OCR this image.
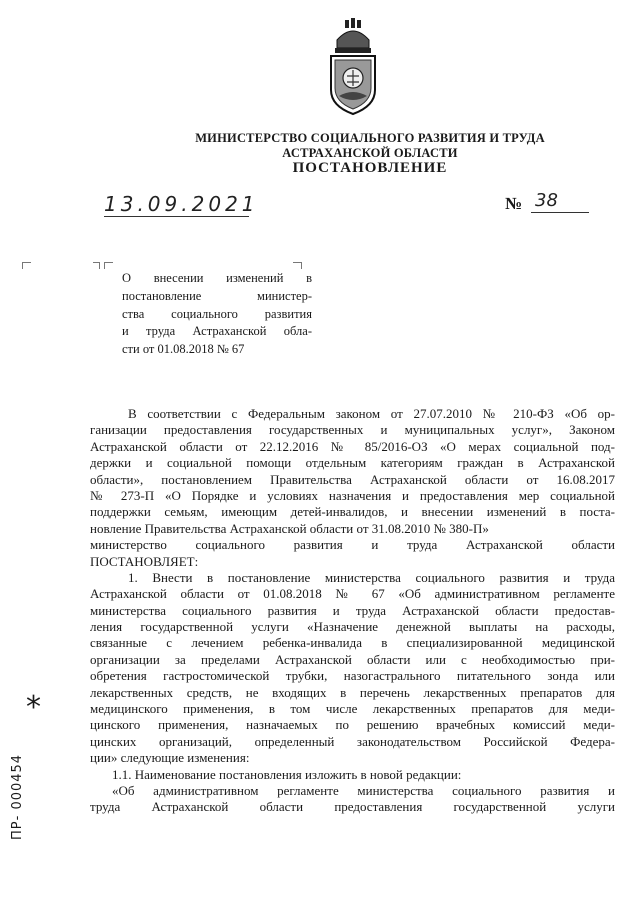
МИНИСТЕРСТВО СОЦИАЛЬНОГО РАЗВИТИЯ И ТРУДА
АСТРАХАНСКОЙ ОБЛАСТИ
ПОСТАНОВЛЕНИЕ
13.09.2021	№ 38
О внесении изменений в
постановление министер-
ства социального развития
и труда Астраханской обла-
сти от 01.08.2018 № 67
В соответствии с Федеральным законом от 27.07.2010 № 210-ФЗ «Об ор-
ганизации предоставления государственных и муниципальных услуг», Законом
Астраханской области от 22.12.2016 № 85/2016-ОЗ «О мерах социальной под-
держки и социальной помощи отдельным категориям граждан в Астраханской
области», постановлением Правительства Астраханской области от 16.08.2017
№ 273-П «О Порядке и условиях назначения и предоставления мер социальной
поддержки семьям, имеющим детей-инвалидов, и внесении изменений в поста-
новление Правительства Астраханской области от 31.08.2010 № 380-П»
министерство социального развития и труда Астраханской области
ПОСТАНОВЛЯЕТ:
1. Внести в постановление министерства социального развития и труда
Астраханской области от 01.08.2018 № 67 «Об административном регламенте
министерства социального развития и труда Астраханской области предостав-
ления государственной услуги «Назначение денежной выплаты на расходы,
связанные с лечением ребенка-инвалида в специализированной медицинской
организации за пределами Астраханской области или с необходимостью при-
обретения гастростомической трубки, назогастрального питательного зонда или
лекарственных средств, не входящих в перечень лекарственных препаратов для
медицинского применения, в том числе лекарственных препаратов для меди-
цинского применения, назначаемых по решению врачебных комиссий меди-
цинских организаций, определенный законодательством Российской Федера-
ции» следующие изменения:
1.1. Наименование постановления изложить в новой редакции:
«Об административном регламенте министерства социального развития и
труда Астраханской области предоставления государственной услуги
*
ПР- 000454
